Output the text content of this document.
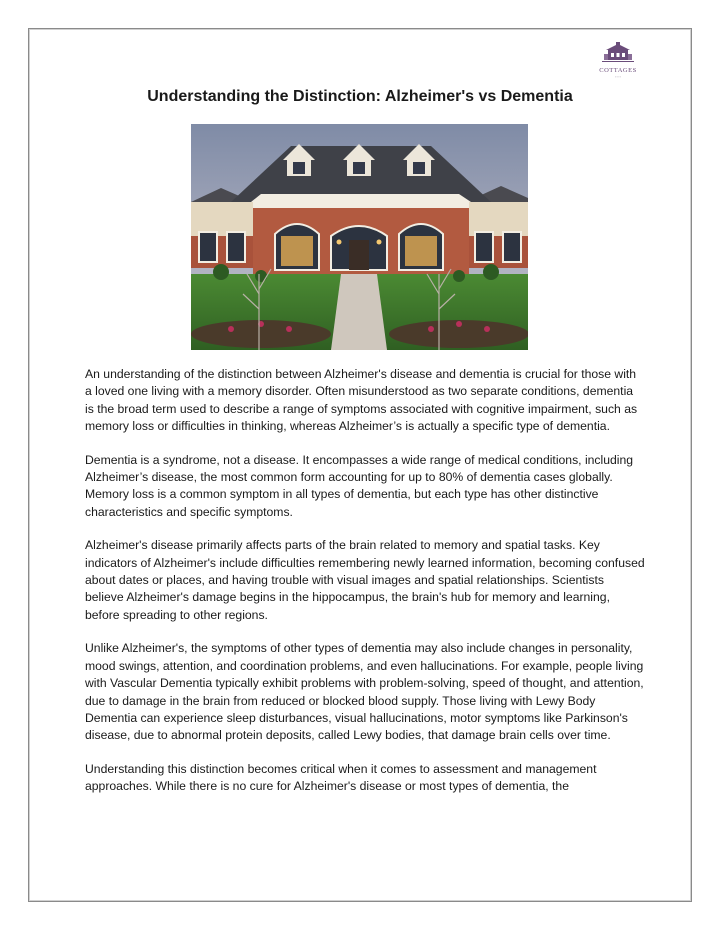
COTTAGES
• • •
Understanding the Distinction: Alzheimer's vs Dementia

An understanding of the distinction between Alzheimer's disease and dementia is crucial for those with a loved one living with a memory disorder. Often misunderstood as two separate conditions, dementia is the broad term used to describe a range of symptoms associated with cognitive impairment, such as memory loss or difficulties in thinking, whereas Alzheimer’s is actually a specific type of dementia.

Dementia is a syndrome, not a disease. It encompasses a wide range of medical conditions, including Alzheimer’s disease, the most common form accounting for up to 80% of dementia cases globally. Memory loss is a common symptom in all types of dementia, but each type has other distinctive characteristics and specific symptoms.

Alzheimer's disease primarily affects parts of the brain related to memory and spatial tasks. Key indicators of Alzheimer's include difficulties remembering newly learned information, becoming confused about dates or places, and having trouble with visual images and spatial relationships. Scientists believe Alzheimer's damage begins in the hippocampus, the brain's hub for memory and learning, before spreading to other regions.

Unlike Alzheimer's, the symptoms of other types of dementia may also include changes in personality, mood swings, attention, and coordination problems, and even hallucinations. For example, people living with Vascular Dementia typically exhibit problems with problem-solving, speed of thought, and attention, due to damage in the brain from reduced or blocked blood supply. Those living with Lewy Body Dementia can experience sleep disturbances, visual hallucinations, motor symptoms like Parkinson's disease, due to abnormal protein deposits, called Lewy bodies, that damage brain cells over time.

Understanding this distinction becomes critical when it comes to assessment and management approaches. While there is no cure for Alzheimer's disease or most types of dementia, the
